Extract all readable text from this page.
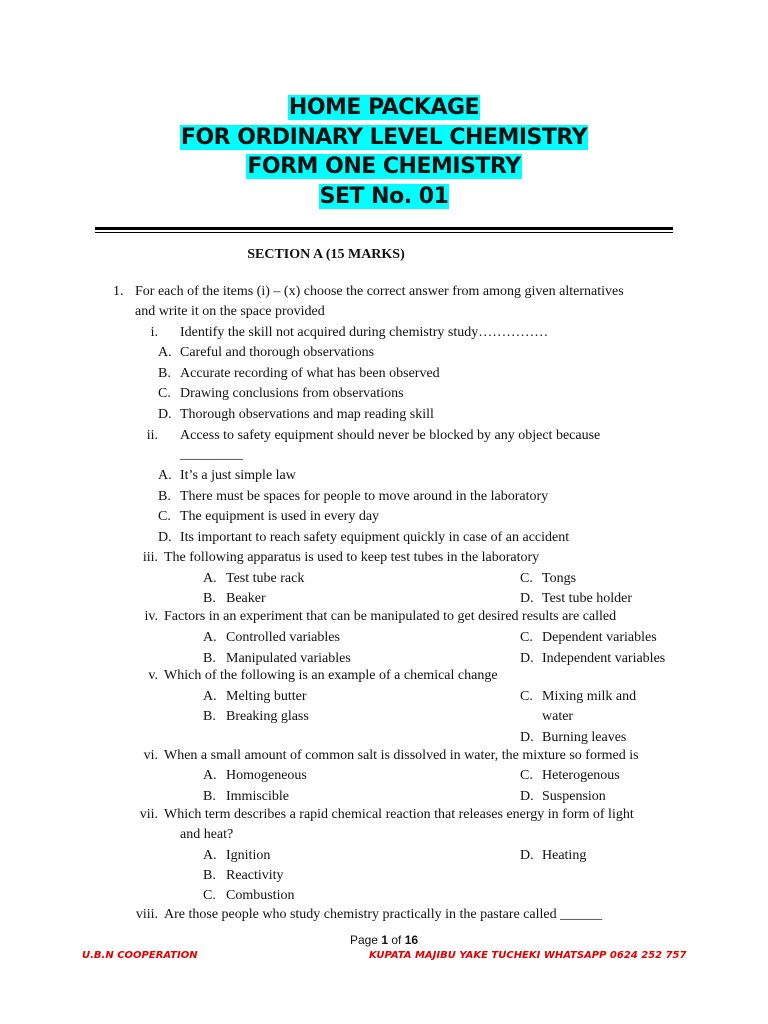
HOME PACKAGE
FOR ORDINARY LEVEL CHEMISTRY
FORM ONE CHEMISTRY
SET No. 01
SECTION A (15 MARKS)
1. For each of the items (i) – (x) choose the correct answer from among given alternatives
and write it on the space provided
i. Identify the skill not acquired during chemistry study……………
A. Careful and thorough observations
B. Accurate recording of what has been observed
C. Drawing conclusions from observations
D. Thorough observations and map reading skill
ii. Access to safety equipment should never be blocked by any object because
_________
A. It’s a just simple law
B. There must be spaces for people to move around in the laboratory
C. The equipment is used in every day
D. Its important to reach safety equipment quickly in case of an accident
iii. The following apparatus is used to keep test tubes in the laboratory
A. Test tube rack
B. Beaker
C. Tongs
D. Test tube holder
iv. Factors in an experiment that can be manipulated to get desired results are called
A. Controlled variables
B. Manipulated variables
C. Dependent variables
D. Independent variables
v. Which of the following is an example of a chemical change
A. Melting butter
B. Breaking glass
C. Mixing milk and
water
D. Burning leaves
vi. When a small amount of common salt is dissolved in water, the mixture so formed is
A. Homogeneous
B. Immiscible
C. Heterogenous
D. Suspension
vii. Which term describes a rapid chemical reaction that releases energy in form of light
and heat?
A. Ignition
B. Reactivity
C. Combustion
D. Heating
viii. Are those people who study chemistry practically in the pastare called ______
Page 1 of 16
U.B.N COOPERATION	KUPATA MAJIBU YAKE TUCHEKI WHATSAPP 0624 252 757
